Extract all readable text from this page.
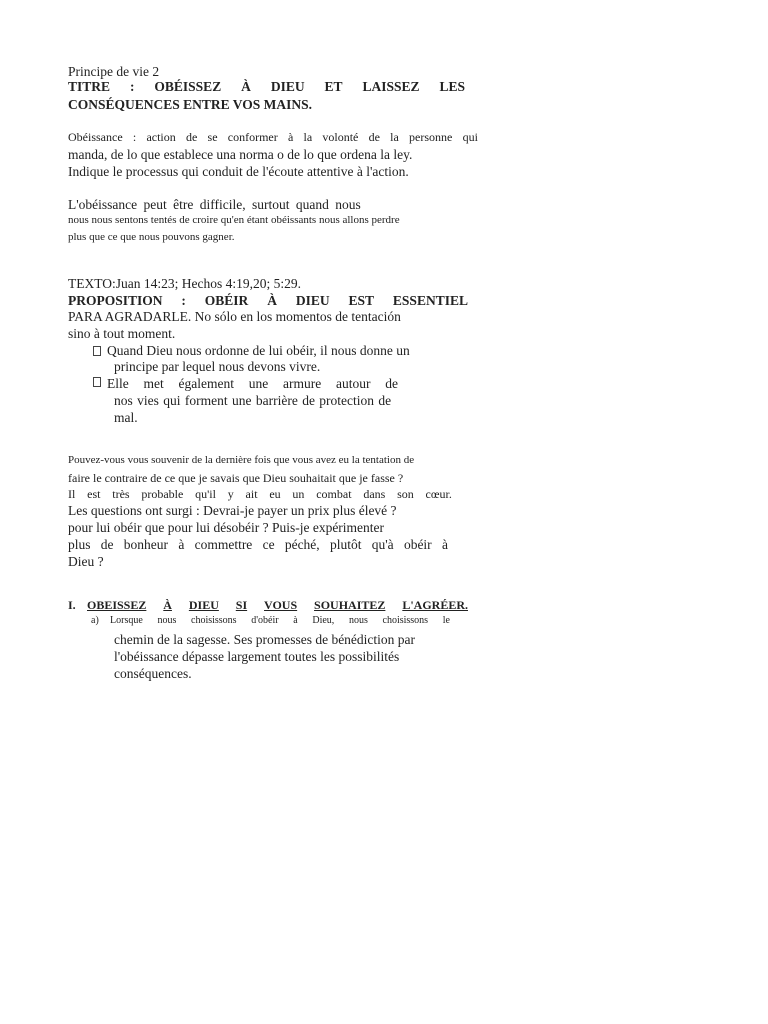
Principe de vie 2
TITRE : OBÉISSEZ À DIEU ET LAISSEZ LES
CONSÉQUENCES ENTRE VOS MAINS.
Obéissance : action de se conformer à la volonté de la personne qui
manda, de lo que establece una norma o de lo que ordena la ley.
Indique le processus qui conduit de l'écoute attentive à l'action.
L'obéissance peut être difficile, surtout quand nous
nous nous sentons tentés de croire qu'en étant obéissants nous allons perdre
plus que ce que nous pouvons gagner.
TEXTO:Juan 14:23; Hechos 4:19,20; 5:29.
PROPOSITION : OBÉIR À DIEU EST ESSENTIEL
PARA AGRADARLE. No sólo en los momentos de tentación
sino à tout moment.
Quand Dieu nous ordonne de lui obéir, il nous donne un
principe par lequel nous devons vivre.
Elle met également une armure autour de
nos vies qui forment une barrière de protection de
mal.
Pouvez-vous vous souvenir de la dernière fois que vous avez eu la tentation de
faire le contraire de ce que je savais que Dieu souhaitait que je fasse ?
Il est très probable qu'il y ait eu un combat dans son cœur.
Les questions ont surgi : Devrai-je payer un prix plus élevé ?
pour lui obéir que pour lui désobéir ? Puis-je expérimenter
plus de bonheur à commettre ce péché, plutôt qu'à obéir à
Dieu ?
I. OBEISSEZ À DIEU SI VOUS SOUHAITEZ L'AGRÉER.
a) Lorsque nous choisissons d'obéir à Dieu, nous choisissons le
chemin de la sagesse. Ses promesses de bénédiction par
l'obéissance dépasse largement toutes les possibilités
conséquences.
